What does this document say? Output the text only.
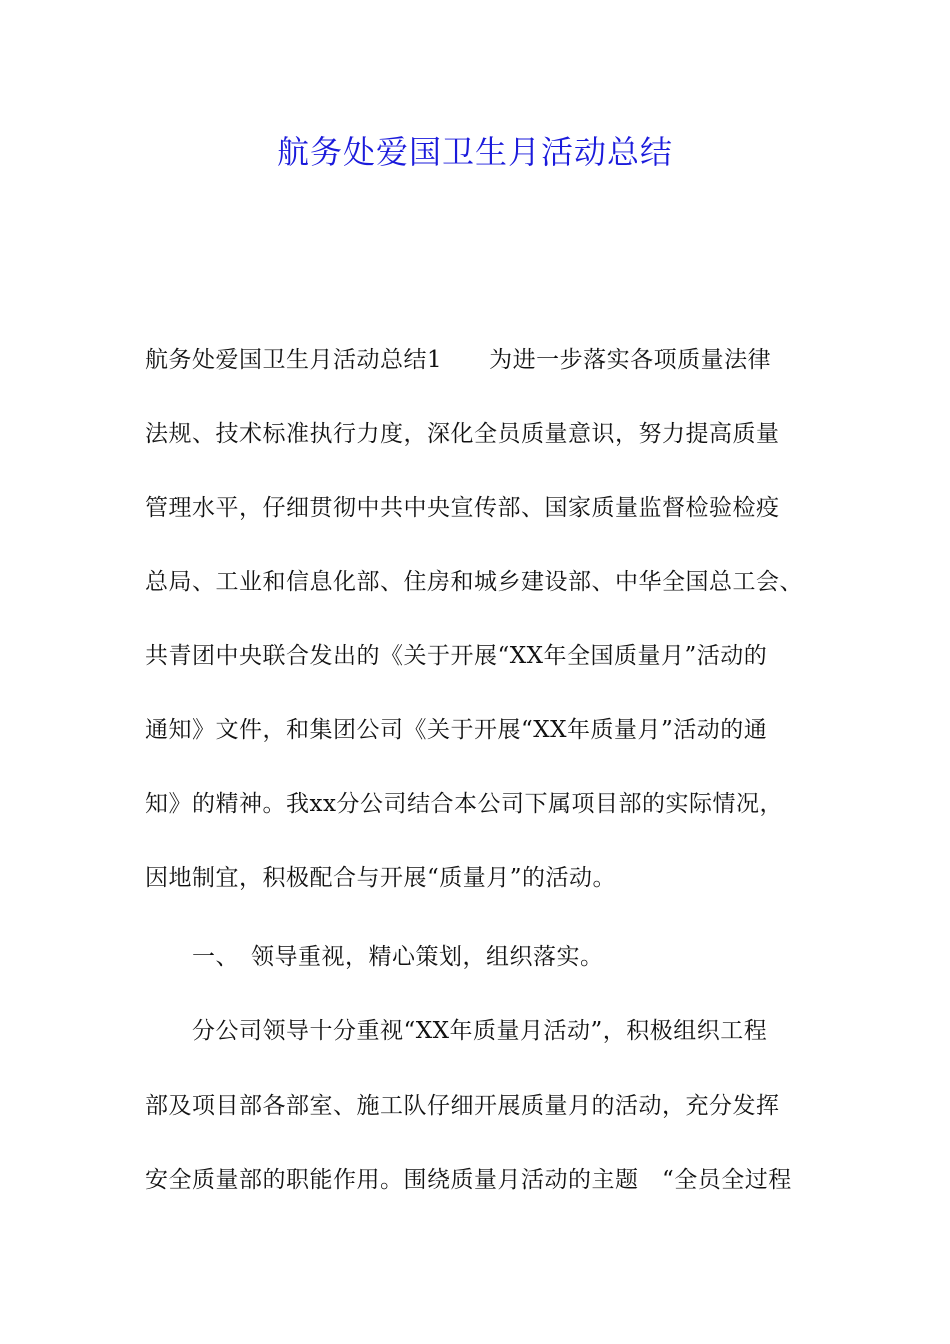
航务处爱国卫生月活动总结
航务处爱国卫生月活动总结1　　为进一步落实各项质量法律
法规、技术标准执行力度，深化全员质量意识，努力提高质量
管理水平，仔细贯彻中共中央宣传部、国家质量监督检验检疫
总局、工业和信息化部、住房和城乡建设部、中华全国总工会、
共青团中央联合发出的《关于开展“XX年全国质量月”活动的
通知》文件，和集团公司《关于开展“XX年质量月”活动的通
知》的精神。我xx分公司结合本公司下属项目部的实际情况，
因地制宜，积极配合与开展“质量月”的活动。
　　一、　领导重视，精心策划，组织落实。
　　分公司领导十分重视“XX年质量月活动”，积极组织工程
部及项目部各部室、施工队仔细开展质量月的活动，充分发挥
安全质量部的职能作用。围绕质量月活动的主题　“全员全过程
